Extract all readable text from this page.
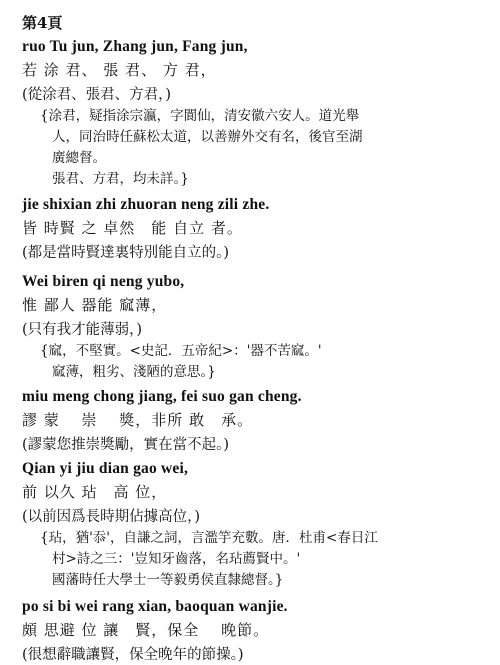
第4頁
ruo Tu jun, Zhang jun, Fang jun,
若 涂 君、 張 君、 方 君，
(從涂君、張君、方君，)
{涂君，疑指涂宗瀛，字閬仙，清安徽六安人。道光舉
人，同治時任蘇松太道，以善辦外交有名，後官至湖
廣總督。
張君、方君，均未詳。}
jie shixian zhi zhuoran neng zili zhe.
皆 時賢 之 卓然　能 自立 者。
(都是當時賢達裏特別能自立的。)
Wei biren qi neng yubo,
惟 鄙人 器能 窳薄，
(只有我才能薄弱，)
{窳，不堅實。<史記．五帝紀>：'器不苦窳。'
窳薄，粗劣、淺陋的意思。}
miu meng chong jiang, fei suo gan cheng.
謬 蒙　 崇　 獎，非所 敢　承。
(謬蒙您推崇獎勵，實在當不起。)
Qian yi jiu dian gao wei,
前 以久 玷　高 位，
(以前因爲長時期佔據高位，)
{玷，猶'忝'，自謙之詞，言濫竽充數。唐．杜甫<春日江
村>詩之三：'豈知牙齒落，名玷薦賢中。'
國藩時任大學士一等毅勇侯直隸總督。}
po si bi wei rang xian, baoquan wanjie.
頗 思避 位 讓　賢，保全　 晚節。
(很想辭職讓賢，保全晚年的節操。)
